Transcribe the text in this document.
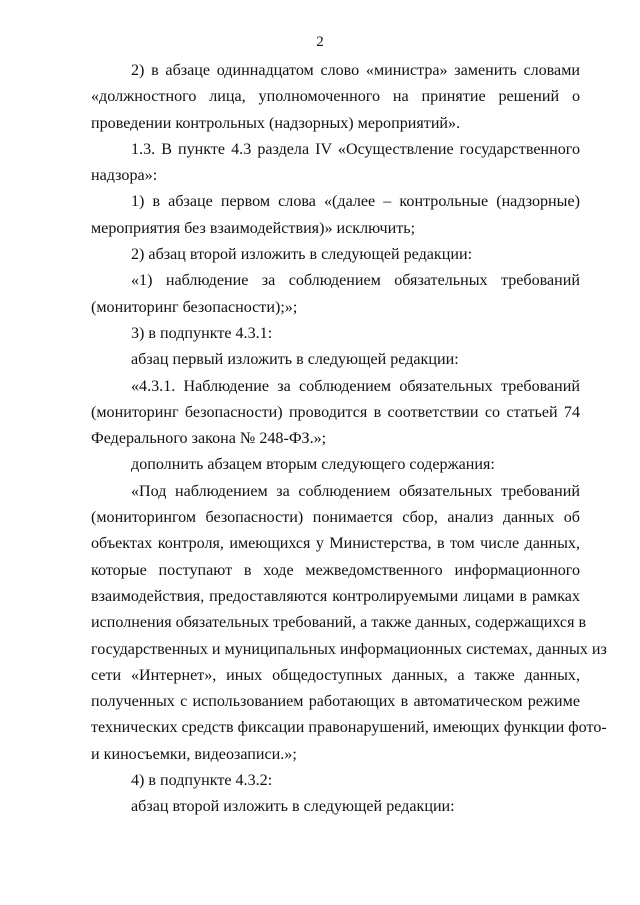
2
2) в абзаце одиннадцатом слово «министра» заменить словами
«должностного лица, уполномоченного на принятие решений о
проведении контрольных (надзорных) мероприятий».
1.3. В пункте 4.3 раздела IV «Осуществление государственного
надзора»:
1) в абзаце первом слова «(далее – контрольные (надзорные)
мероприятия без взаимодействия)» исключить;
2) абзац второй изложить в следующей редакции:
«1) наблюдение за соблюдением обязательных требований
(мониторинг безопасности);»;
3) в подпункте 4.3.1:
абзац первый изложить в следующей редакции:
«4.3.1. Наблюдение за соблюдением обязательных требований
(мониторинг безопасности) проводится в соответствии со статьей 74
Федерального закона № 248-ФЗ.»;
дополнить абзацем вторым следующего содержания:
«Под наблюдением за соблюдением обязательных требований
(мониторингом безопасности) понимается сбор, анализ данных об
объектах контроля, имеющихся у Министерства, в том числе данных,
которые поступают в ходе межведомственного информационного
взаимодействия, предоставляются контролируемыми лицами в рамках
исполнения обязательных требований, а также данных, содержащихся в
государственных и муниципальных информационных системах, данных из
сети «Интернет», иных общедоступных данных, а также данных,
полученных с использованием работающих в автоматическом режиме
технических средств фиксации правонарушений, имеющих функции фото-
и киносъемки, видеозаписи.»;
4) в подпункте 4.3.2:
абзац второй изложить в следующей редакции:
